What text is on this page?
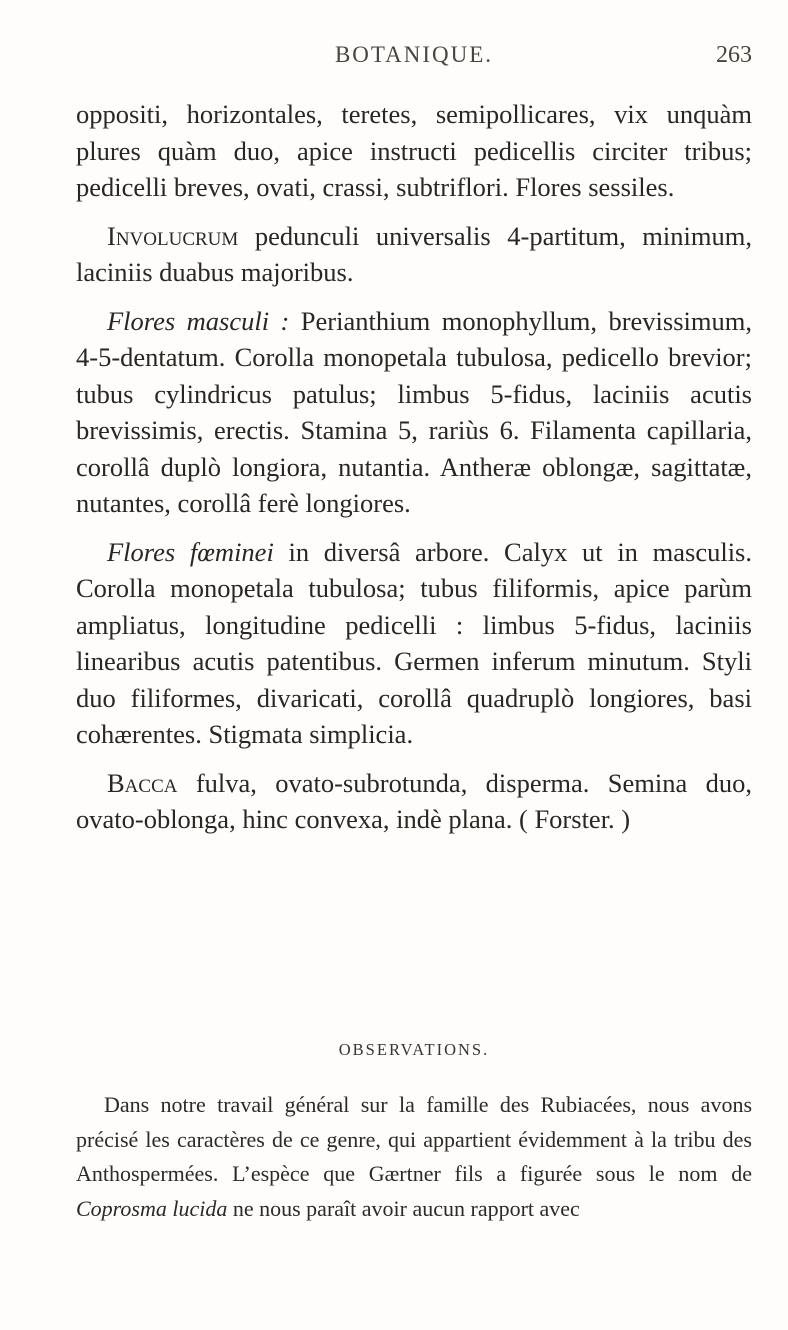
BOTANIQUE.	263

oppositi, horizontales, teretes, semipollicares, vix unquàm plures quàm duo, apice instructi pedicellis circiter tribus; pedicelli breves, ovati, crassi, subtriflori. Flores sessiles.

Involucrum pedunculi universalis 4-partitum, minimum, laciniis duabus majoribus.

Flores masculi : Perianthium monophyllum, brevissimum, 4-5-dentatum. Corolla monopetala tubulosa, pedicello brevior; tubus cylindricus patulus; limbus 5-fidus, laciniis acutis brevissimis, erectis. Stamina 5, rariùs 6. Filamenta capillaria, corollâ duplò longiora, nutantia. Antheræ oblongæ, sagittatæ, nutantes, corollâ ferè longiores.

Flores fœminei in diversâ arbore. Calyx ut in masculis. Corolla monopetala tubulosa; tubus filiformis, apice parùm ampliatus, longitudine pedicelli : limbus 5-fidus, laciniis linearibus acutis patentibus. Germen inferum minutum. Styli duo filiformes, divaricati, corollâ quadruplò longiores, basi cohærentes. Stigmata simplicia.

Bacca fulva, ovato-subrotunda, disperma. Semina duo, ovato-oblonga, hinc convexa, indè plana. ( Forster. )

OBSERVATIONS.

Dans notre travail général sur la famille des Rubiacées, nous avons précisé les caractères de ce genre, qui appartient évidemment à la tribu des Anthospermées. L’espèce que Gærtner fils a figurée sous le nom de Coprosma lucida ne nous paraît avoir aucun rapport avec
